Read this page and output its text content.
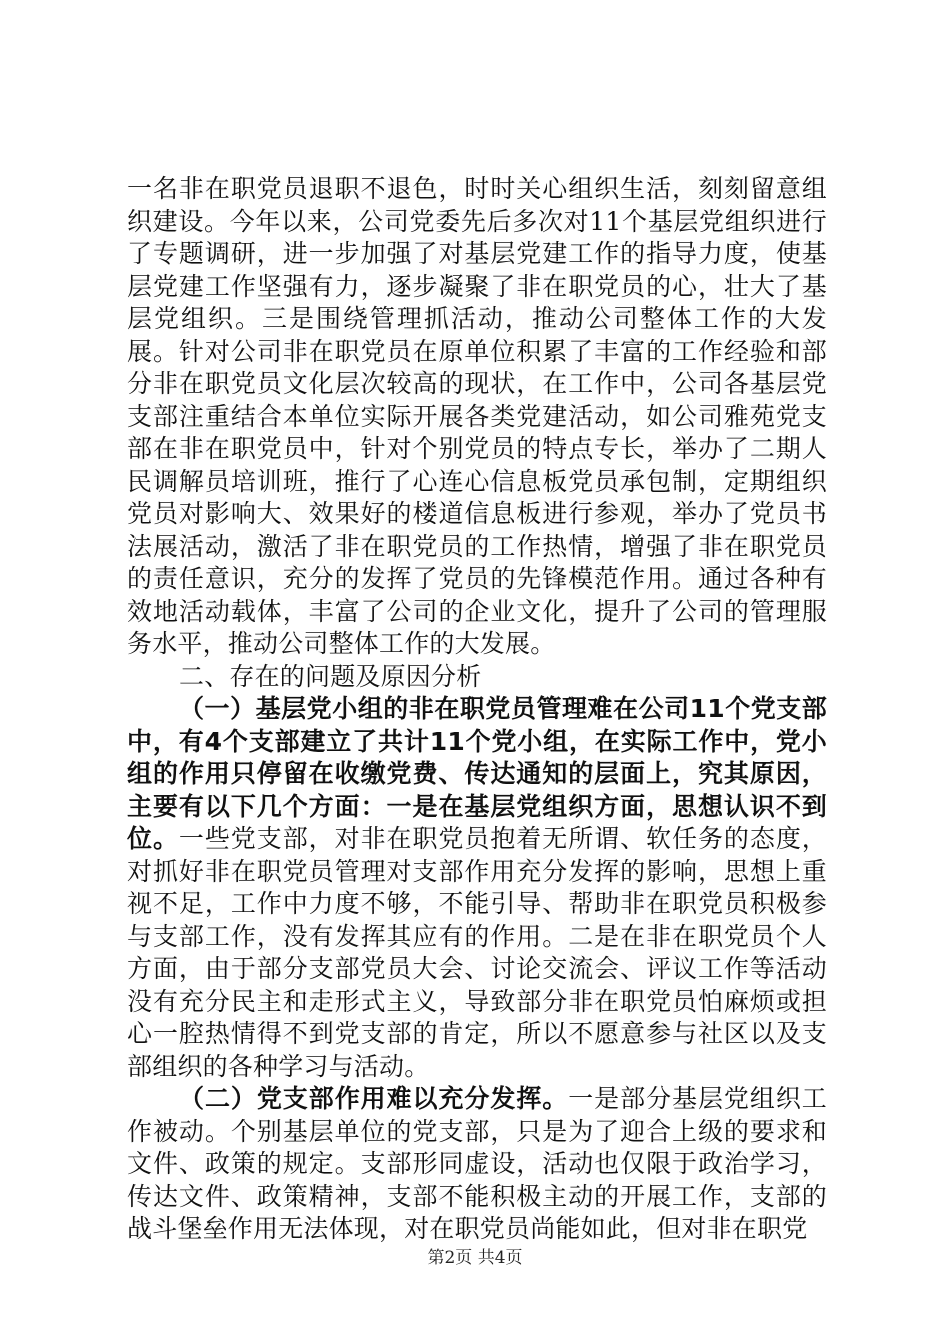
一名非在职党员退职不退色，时时关心组织生活，刻刻留意组织建设。今年以来，公司党委先后多次对11个基层党组织进行了专题调研，进一步加强了对基层党建工作的指导力度，使基层党建工作坚强有力，逐步凝聚了非在职党员的心，壮大了基层党组织。三是围绕管理抓活动，推动公司整体工作的大发展。针对公司非在职党员在原单位积累了丰富的工作经验和部分非在职党员文化层次较高的现状，在工作中，公司各基层党支部注重结合本单位实际开展各类党建活动，如公司雅苑党支部在非在职党员中，针对个别党员的特点专长，举办了二期人民调解员培训班，推行了心连心信息板党员承包制，定期组织党员对影响大、效果好的楼道信息板进行参观，举办了党员书法展活动，激活了非在职党员的工作热情，增强了非在职党员的责任意识，充分的发挥了党员的先锋模范作用。通过各种有效地活动载体，丰富了公司的企业文化，提升了公司的管理服务水平，推动公司整体工作的大发展。

二、存在的问题及原因分析

（一）基层党小组的非在职党员管理难在公司11个党支部中，有4个支部建立了共计11个党小组，在实际工作中，党小组的作用只停留在收缴党费、传达通知的层面上，究其原因，主要有以下几个方面：一是在基层党组织方面，思想认识不到位。一些党支部，对非在职党员抱着无所谓、软任务的态度，对抓好非在职党员管理对支部作用充分发挥的影响，思想上重视不足，工作中力度不够，不能引导、帮助非在职党员积极参与支部工作，没有发挥其应有的作用。二是在非在职党员个人方面，由于部分支部党员大会、讨论交流会、评议工作等活动没有充分民主和走形式主义，导致部分非在职党员怕麻烦或担心一腔热情得不到党支部的肯定，所以不愿意参与社区以及支部组织的各种学习与活动。

（二）党支部作用难以充分发挥。一是部分基层党组织工作被动。个别基层单位的党支部，只是为了迎合上级的要求和文件、政策的规定。支部形同虚设，活动也仅限于政治学习，传达文件、政策精神，支部不能积极主动的开展工作，支部的战斗堡垒作用无法体现，对在职党员尚能如此，但对非在职党

第2页 共4页
